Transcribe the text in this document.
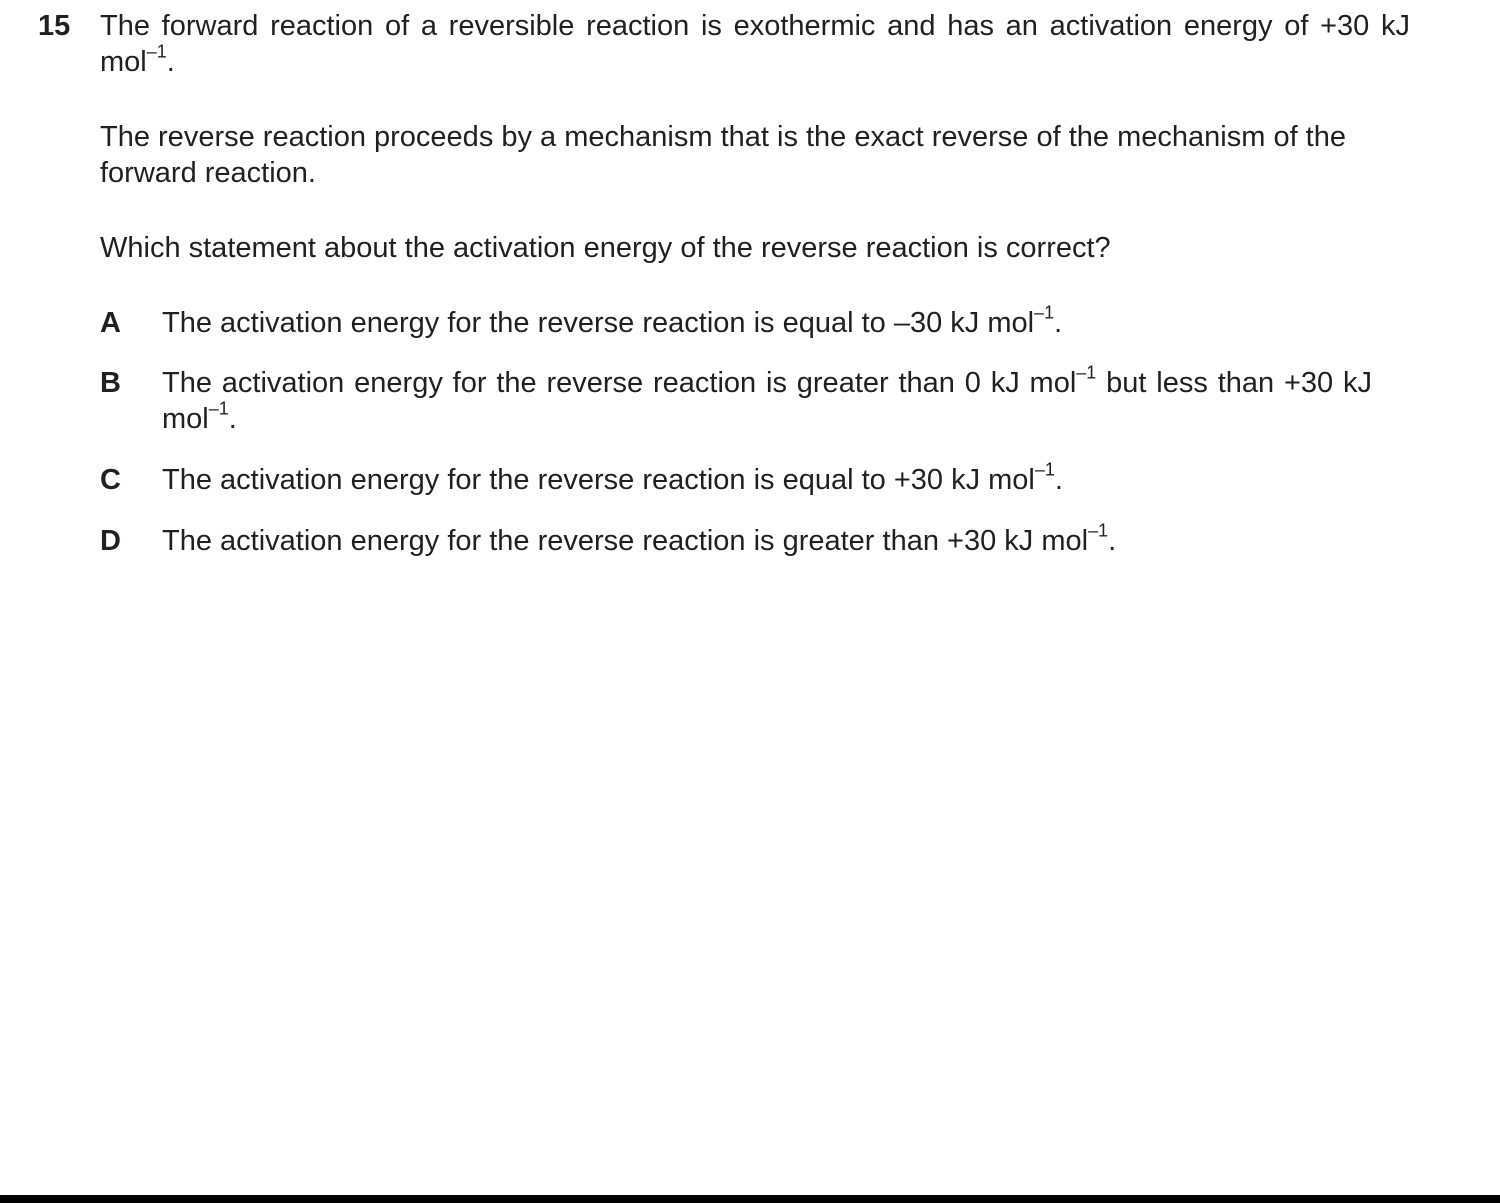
15 The forward reaction of a reversible reaction is exothermic and has an activation energy of +30 kJ mol$^{-1}$.

The reverse reaction proceeds by a mechanism that is the exact reverse of the mechanism of the forward reaction.

Which statement about the activation energy of the reverse reaction is correct?

A The activation energy for the reverse reaction is equal to –30 kJ mol$^{-1}$.

B The activation energy for the reverse reaction is greater than 0 kJ mol$^{-1}$ but less than +30 kJ mol$^{-1}$.

C The activation energy for the reverse reaction is equal to +30 kJ mol$^{-1}$.

D The activation energy for the reverse reaction is greater than +30 kJ mol$^{-1}$.
